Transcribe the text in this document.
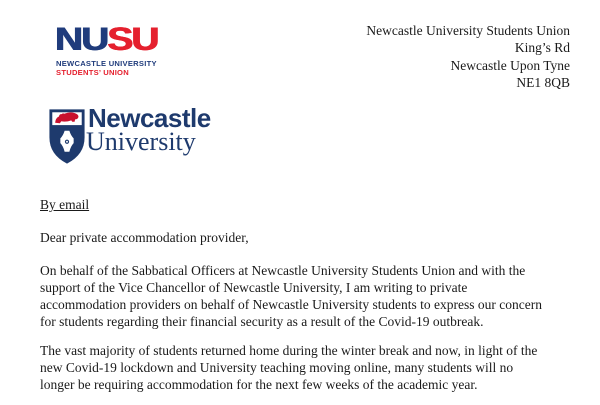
NUSU
NEWCASTLE UNIVERSITY
STUDENTS’ UNION
Newcastle University Students Union
King’s Rd
Newcastle Upon Tyne
NE1 8QB
Newcastle
University
By email
Dear private accommodation provider,
On behalf of the Sabbatical Officers at Newcastle University Students Union and with the
support of the Vice Chancellor of Newcastle University, I am writing to private
accommodation providers on behalf of Newcastle University students to express our concern
for students regarding their financial security as a result of the Covid-19 outbreak.
The vast majority of students returned home during the winter break and now, in light of the
new Covid-19 lockdown and University teaching moving online, many students will no
longer be requiring accommodation for the next few weeks of the academic year.
